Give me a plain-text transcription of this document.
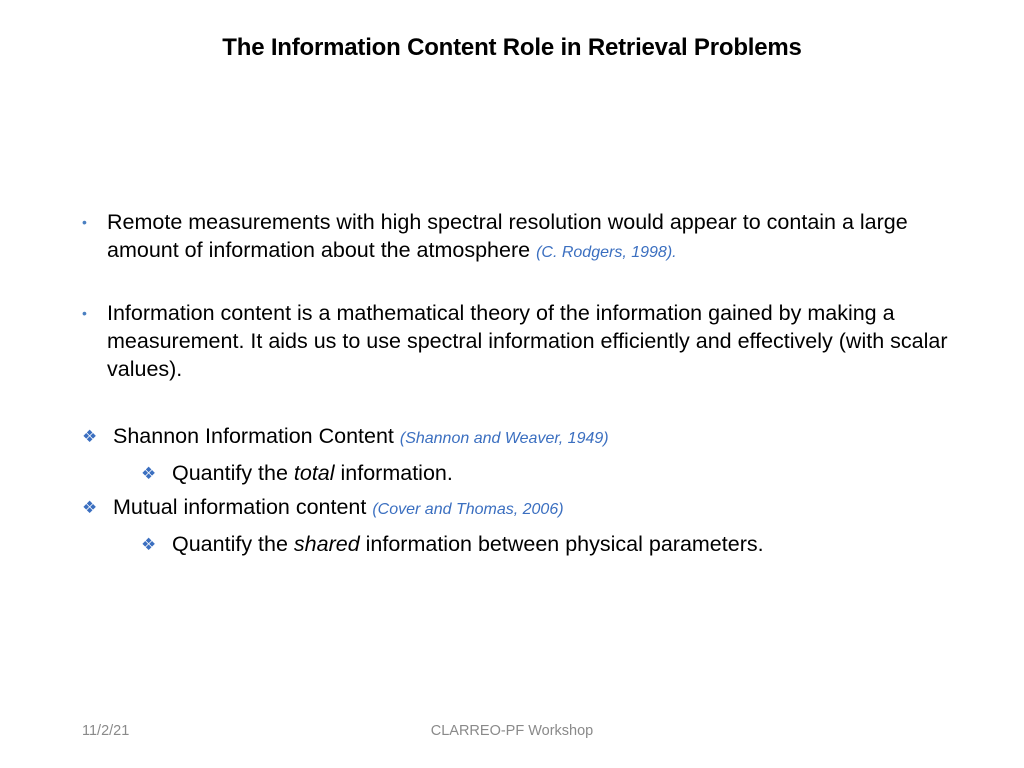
The Information Content Role in Retrieval Problems
• Remote measurements with high spectral resolution would appear to contain a large amount of information about the atmosphere (C. Rodgers, 1998).
• Information content is a mathematical theory of the information gained by making a measurement. It aids us to use spectral information efficiently and effectively (with scalar values).
❖ Shannon Information Content (Shannon and Weaver, 1949)
❖ Quantify the total information.
❖ Mutual information content (Cover and Thomas, 2006)
❖ Quantify the shared information between physical parameters.
11/2/21	CLARREO-PF Workshop
